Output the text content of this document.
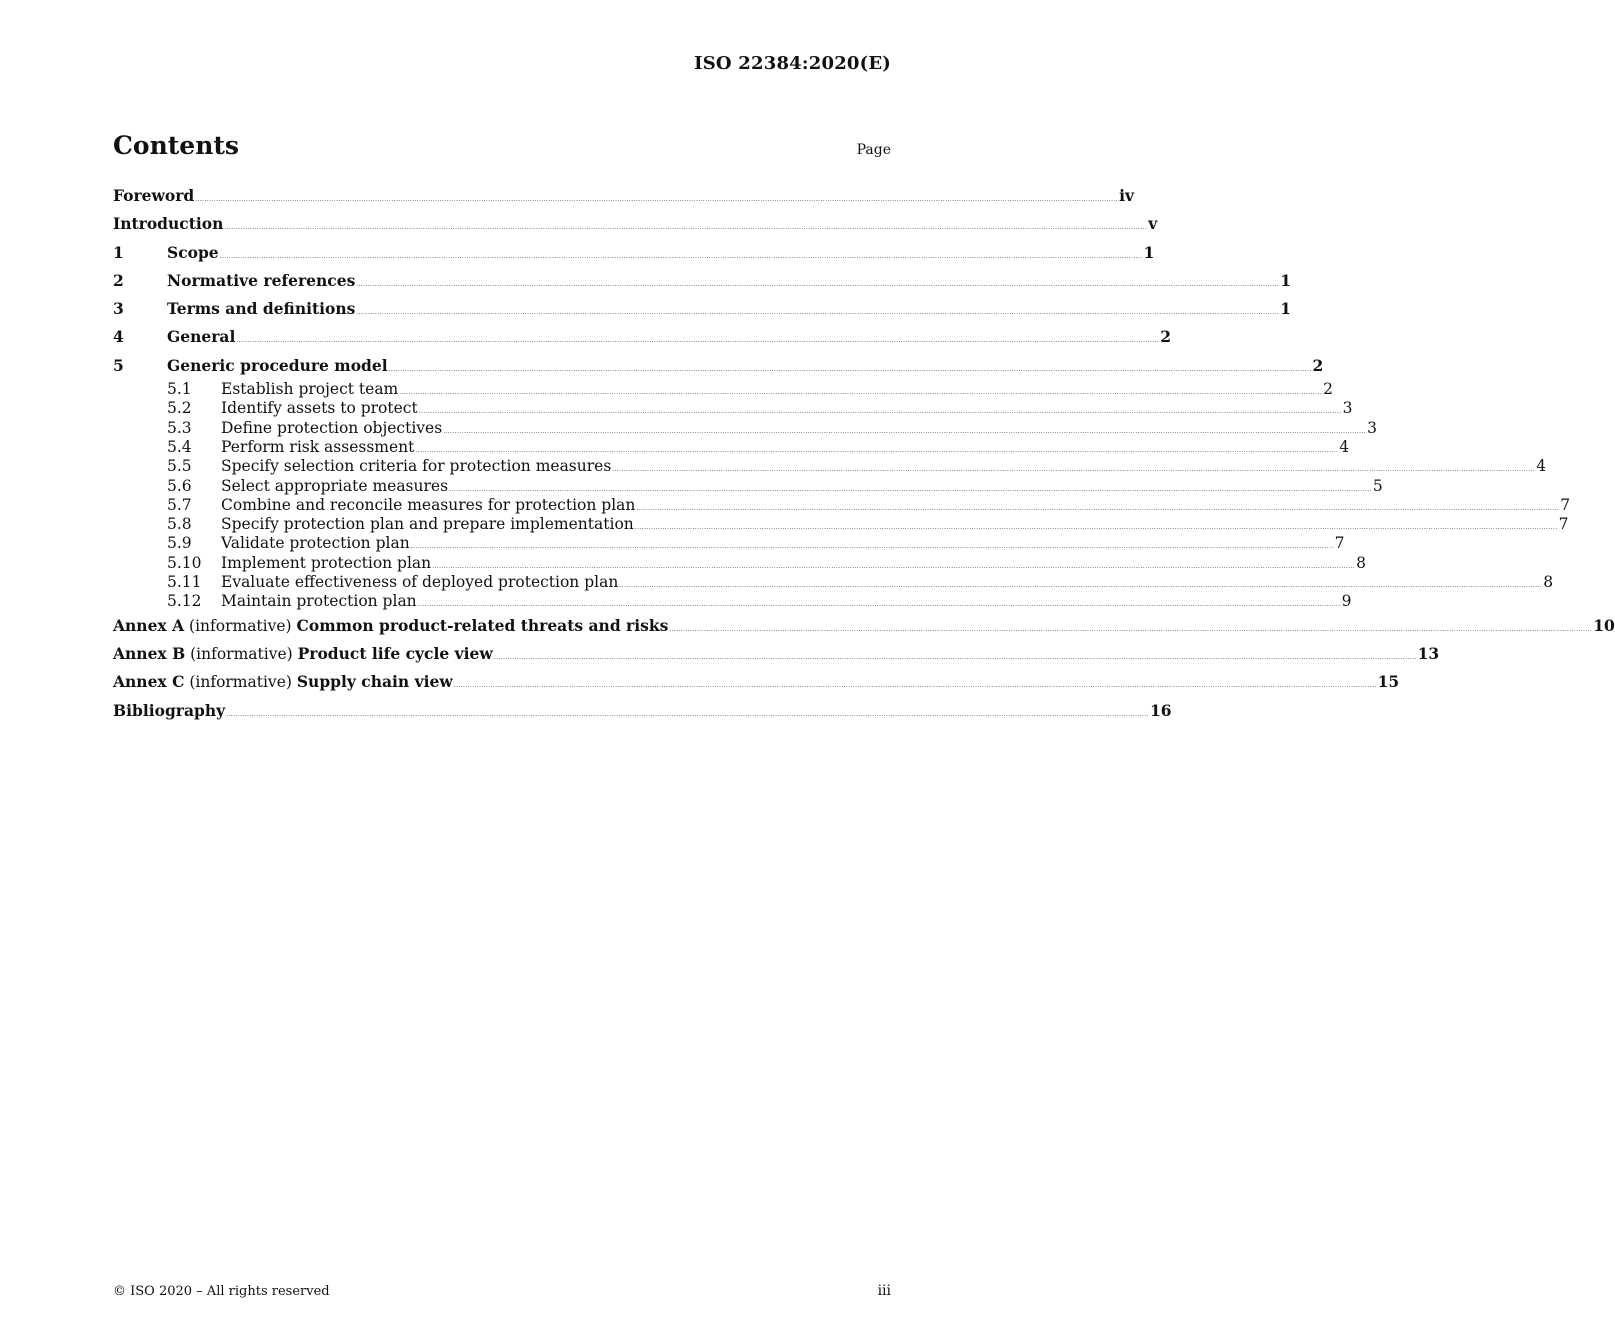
ISO 22384:2020(E)
Contents	Page
Foreword ................................................................................................................................................................................................................................................................................................................................................................................................................ iv
Introduction ................................................................................................................................................................................................................................................................................................................................................................................................................ v
1	Scope ................................................................................................................................................................................................................................................................................................................................................................................................................ 1
2	Normative references ................................................................................................................................................................................................................................................................................................................................................................................................................ 1
3	Terms and definitions ................................................................................................................................................................................................................................................................................................................................................................................................................ 1
4	General ................................................................................................................................................................................................................................................................................................................................................................................................................ 2
5	Generic procedure model ................................................................................................................................................................................................................................................................................................................................................................................................................ 2
5.1	Establish project team ................................................................................................................................................................................................................................................................................................................................................................................................................ 2
5.2	Identify assets to protect ................................................................................................................................................................................................................................................................................................................................................................................................................ 3
5.3	Define protection objectives ................................................................................................................................................................................................................................................................................................................................................................................................................ 3
5.4	Perform risk assessment ................................................................................................................................................................................................................................................................................................................................................................................................................ 4
5.5	Specify selection criteria for protection measures ................................................................................................................................................................................................................................................................................................................................................................................................................ 4
5.6	Select appropriate measures ................................................................................................................................................................................................................................................................................................................................................................................................................ 5
5.7	Combine and reconcile measures for protection plan ................................................................................................................................................................................................................................................................................................................................................................................................................ 7
5.8	Specify protection plan and prepare implementation ................................................................................................................................................................................................................................................................................................................................................................................................................ 7
5.9	Validate protection plan ................................................................................................................................................................................................................................................................................................................................................................................................................ 7
5.10	Implement protection plan ................................................................................................................................................................................................................................................................................................................................................................................................................ 8
5.11	Evaluate effectiveness of deployed protection plan ................................................................................................................................................................................................................................................................................................................................................................................................................ 8
5.12	Maintain protection plan ................................................................................................................................................................................................................................................................................................................................................................................................................ 9
Annex A (informative) Common product-related threats and risks ................................................................................................................................................................................................................................................................................................................................................................................................................ 10
Annex B (informative) Product life cycle view ................................................................................................................................................................................................................................................................................................................................................................................................................ 13
Annex C (informative) Supply chain view ................................................................................................................................................................................................................................................................................................................................................................................................................ 15
Bibliography ................................................................................................................................................................................................................................................................................................................................................................................................................ 16
© ISO 2020 – All rights reserved	iii
